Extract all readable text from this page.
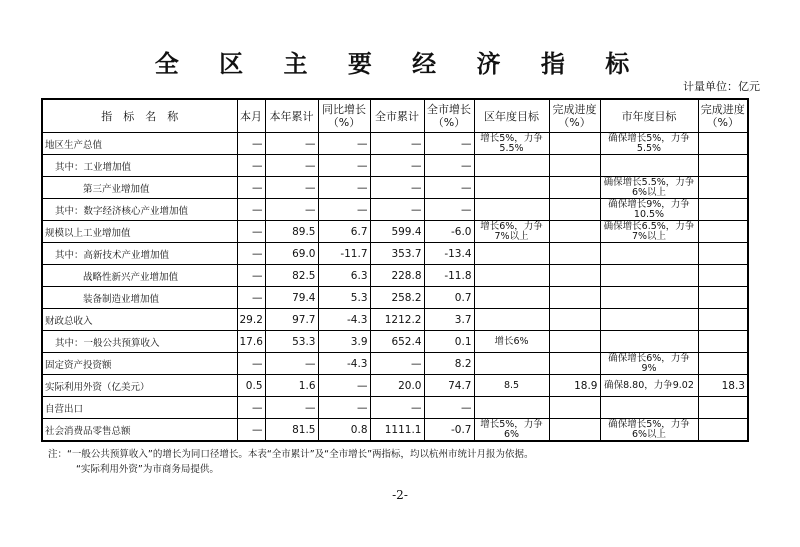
全 区 主 要 经 济 指 标
计量单位：亿元
指　标　名　称	本月	本年累计	同比增长（%）	全市累计	全市增长（%）	区年度目标	完成进度（%）	市年度目标	完成进度（%）
地区生产总值	—	—	—	—	—	增长5%，力争5.5%		确保增长5%，力争5.5%	
其中：工业增加值	—	—	—	—	—				
第三产业增加值	—	—	—	—	—			确保增长5.5%，力争6%以上	
其中：数字经济核心产业增加值	—	—	—	—	—			确保增长9%，力争10.5%	
规模以上工业增加值	—	89.5	6.7	599.4	-6.0	增长6%，力争7%以上		确保增长6.5%，力争7%以上	
其中：高新技术产业增加值	—	69.0	-11.7	353.7	-13.4				
战略性新兴产业增加值	—	82.5	6.3	228.8	-11.8				
装备制造业增加值	—	79.4	5.3	258.2	0.7				
财政总收入	29.2	97.7	-4.3	1212.2	3.7				
其中：一般公共预算收入	17.6	53.3	3.9	652.4	0.1	增长6%			
固定资产投资额	—	—	-4.3	—	8.2			确保增长6%，力争9%	
实际利用外资（亿美元）	0.5	1.6	—	20.0	74.7	8.5	18.9	确保8.80，力争9.02	18.3
自营出口	—	—	—	—	—				
社会消费品零售总额	—	81.5	0.8	1111.1	-0.7	增长5%，力争6%		确保增长5%，力争6%以上	
注：“一般公共预算收入”的增长为同口径增长。本表“全市累计”及“全市增长”两指标，均以杭州市统计月报为依据。
“实际利用外资”为市商务局提供。
-2-
